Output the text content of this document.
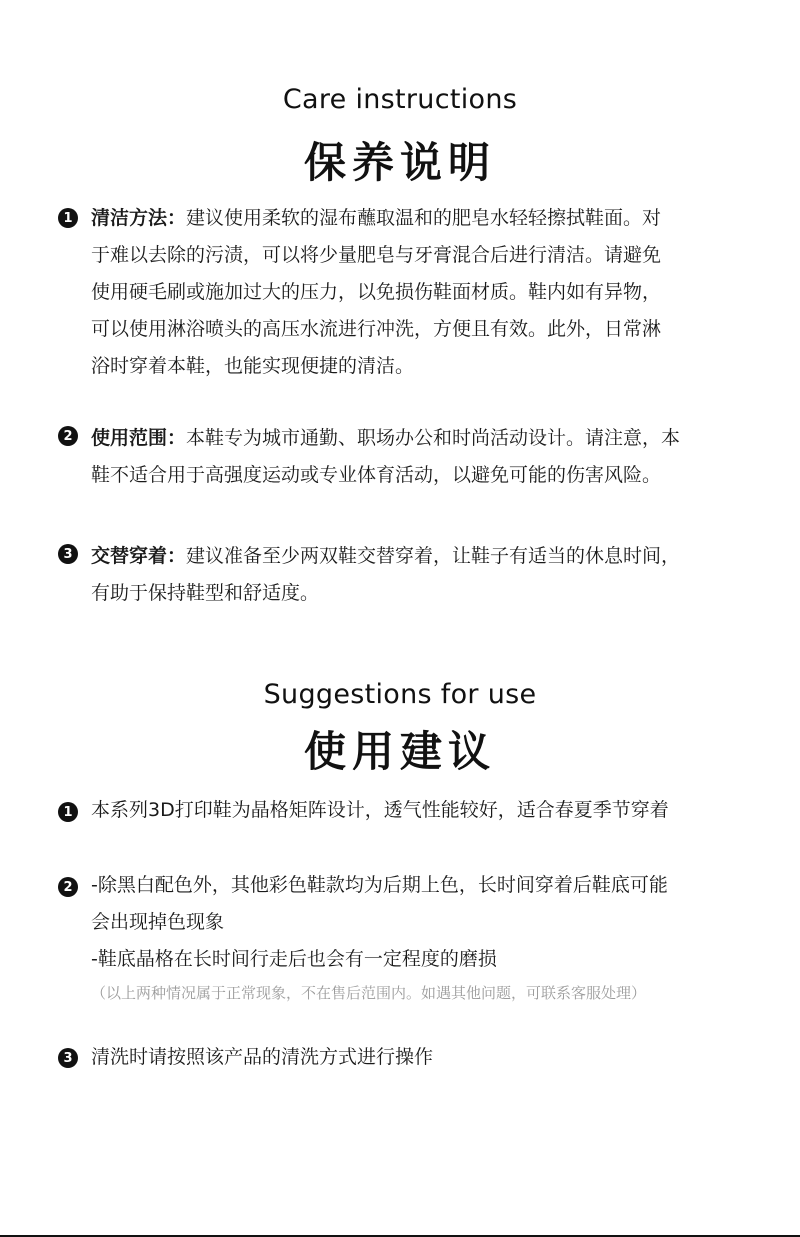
Care instructions
保养说明
1 清洁方法：建议使用柔软的湿布蘸取温和的肥皂水轻轻擦拭鞋面。对
于难以去除的污渍，可以将少量肥皂与牙膏混合后进行清洁。请避免
使用硬毛刷或施加过大的压力，以免损伤鞋面材质。鞋内如有异物，
可以使用淋浴喷头的高压水流进行冲洗，方便且有效。此外，日常淋
浴时穿着本鞋，也能实现便捷的清洁。
2 使用范围：本鞋专为城市通勤、职场办公和时尚活动设计。请注意，本
鞋不适合用于高强度运动或专业体育活动，以避免可能的伤害风险。
3 交替穿着：建议准备至少两双鞋交替穿着，让鞋子有适当的休息时间，
有助于保持鞋型和舒适度。
Suggestions for use
使用建议
1 本系列3D打印鞋为晶格矩阵设计，透气性能较好，适合春夏季节穿着
2 -除黑白配色外，其他彩色鞋款均为后期上色，长时间穿着后鞋底可能
会出现掉色现象
-鞋底晶格在长时间行走后也会有一定程度的磨损
（以上两种情况属于正常现象，不在售后范围内。如遇其他问题，可联系客服处理）
3 清洗时请按照该产品的清洗方式进行操作
